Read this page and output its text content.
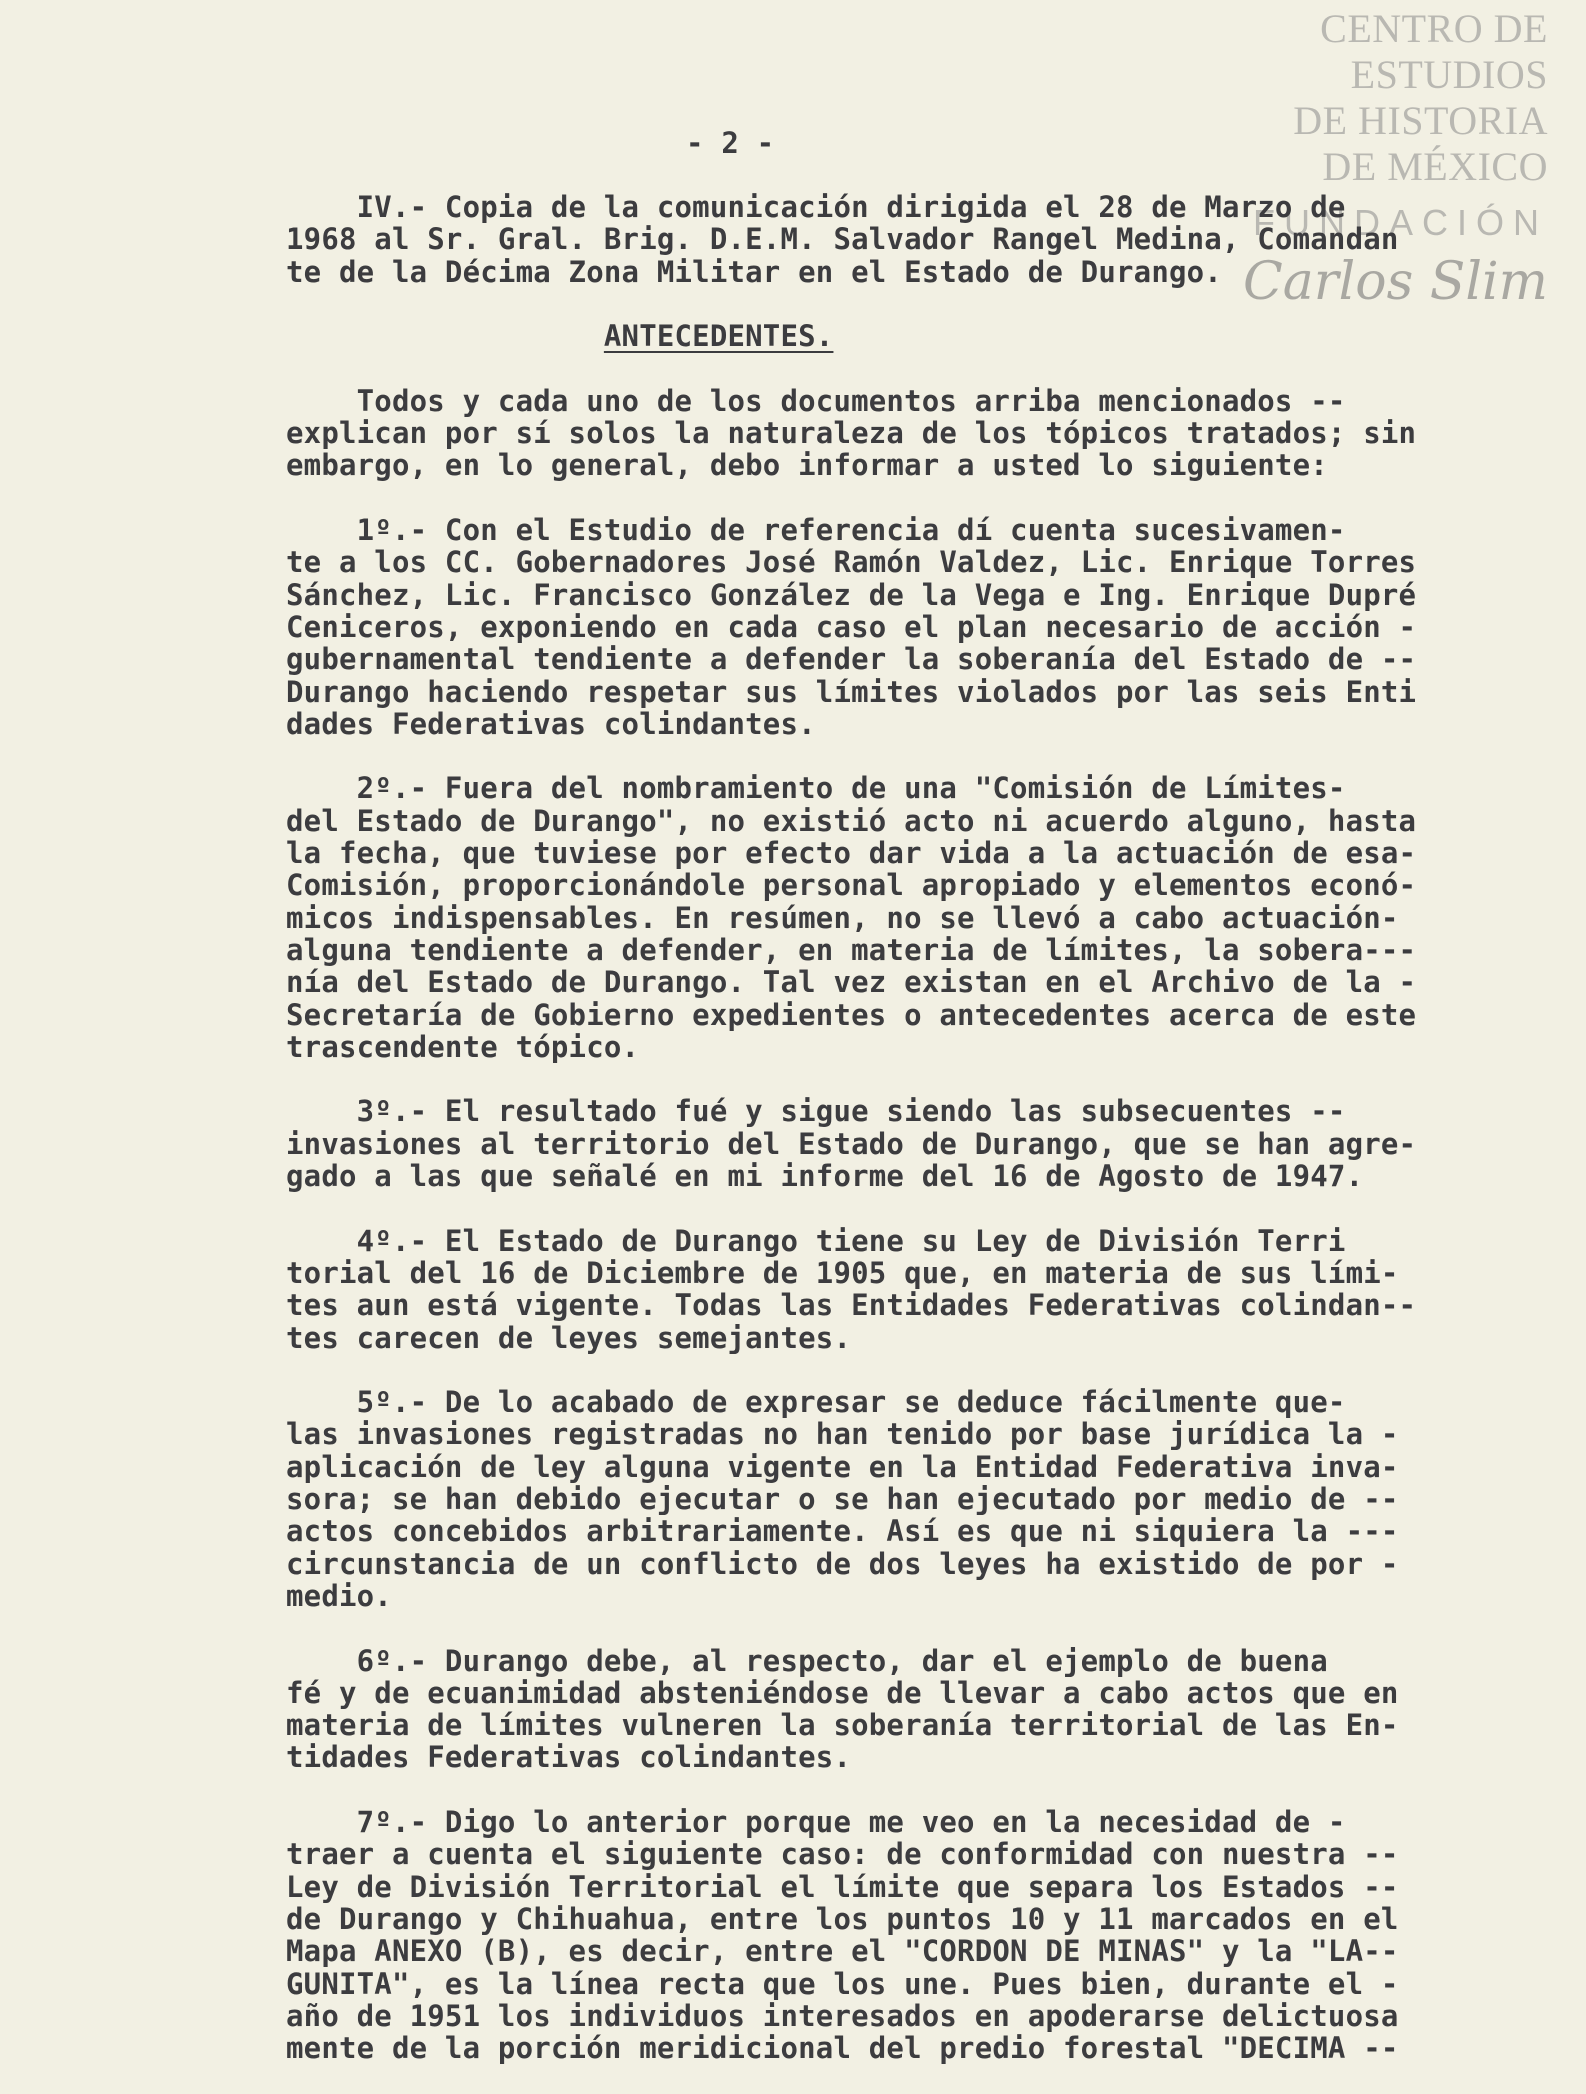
CENTRO DE
ESTUDIOS
DE HISTORIA
DE MÉXICO
FUNDACIÓN
Carlos Slim
- 2 -
IV.- Copia de la comunicación dirigida el 28 de Marzo de
1968 al Sr. Gral. Brig. D.E.M. Salvador Rangel Medina, Comandan
te de la Décima Zona Militar en el Estado de Durango.
ANTECEDENTES.
Todos y cada uno de los documentos arriba mencionados --
explican por sí solos la naturaleza de los tópicos tratados; sin
embargo, en lo general, debo informar a usted lo siguiente:
1º.- Con el Estudio de referencia dí cuenta sucesivamen-
te a los CC. Gobernadores José Ramón Valdez, Lic. Enrique Torres
Sánchez, Lic. Francisco González de la Vega e Ing. Enrique Dupré
Ceniceros, exponiendo en cada caso el plan necesario de acción -
gubernamental tendiente a defender la soberanía del Estado de --
Durango haciendo respetar sus límites violados por las seis Enti
dades Federativas colindantes.
2º.- Fuera del nombramiento de una "Comisión de Límites-
del Estado de Durango", no existió acto ni acuerdo alguno, hasta
la fecha, que tuviese por efecto dar vida a la actuación de esa-
Comisión, proporcionándole personal apropiado y elementos econó-
micos indispensables. En resúmen, no se llevó a cabo actuación-
alguna tendiente a defender, en materia de límites, la sobera---
nía del Estado de Durango. Tal vez existan en el Archivo de la -
Secretaría de Gobierno expedientes o antecedentes acerca de este
trascendente tópico.
3º.- El resultado fué y sigue siendo las subsecuentes --
invasiones al territorio del Estado de Durango, que se han agre-
gado a las que señalé en mi informe del 16 de Agosto de 1947.
4º.- El Estado de Durango tiene su Ley de División Terri
torial del 16 de Diciembre de 1905 que, en materia de sus lími-
tes aun está vigente. Todas las Entidades Federativas colindan--
tes carecen de leyes semejantes.
5º.- De lo acabado de expresar se deduce fácilmente que-
las invasiones registradas no han tenido por base jurídica la -
aplicación de ley alguna vigente en la Entidad Federativa inva-
sora; se han debido ejecutar o se han ejecutado por medio de --
actos concebidos arbitrariamente. Así es que ni siquiera la ---
circunstancia de un conflicto de dos leyes ha existido de por -
medio.
6º.- Durango debe, al respecto, dar el ejemplo de buena
fé y de ecuanimidad absteniéndose de llevar a cabo actos que en
materia de límites vulneren la soberanía territorial de las En-
tidades Federativas colindantes.
7º.- Digo lo anterior porque me veo en la necesidad de -
traer a cuenta el siguiente caso: de conformidad con nuestra --
Ley de División Territorial el límite que separa los Estados --
de Durango y Chihuahua, entre los puntos 10 y 11 marcados en el
Mapa ANEXO (B), es decir, entre el "CORDON DE MINAS" y la "LA--
GUNITA", es la línea recta que los une. Pues bien, durante el -
año de 1951 los individuos interesados en apoderarse delictuosa
mente de la porción meridicional del predio forestal "DECIMA --
